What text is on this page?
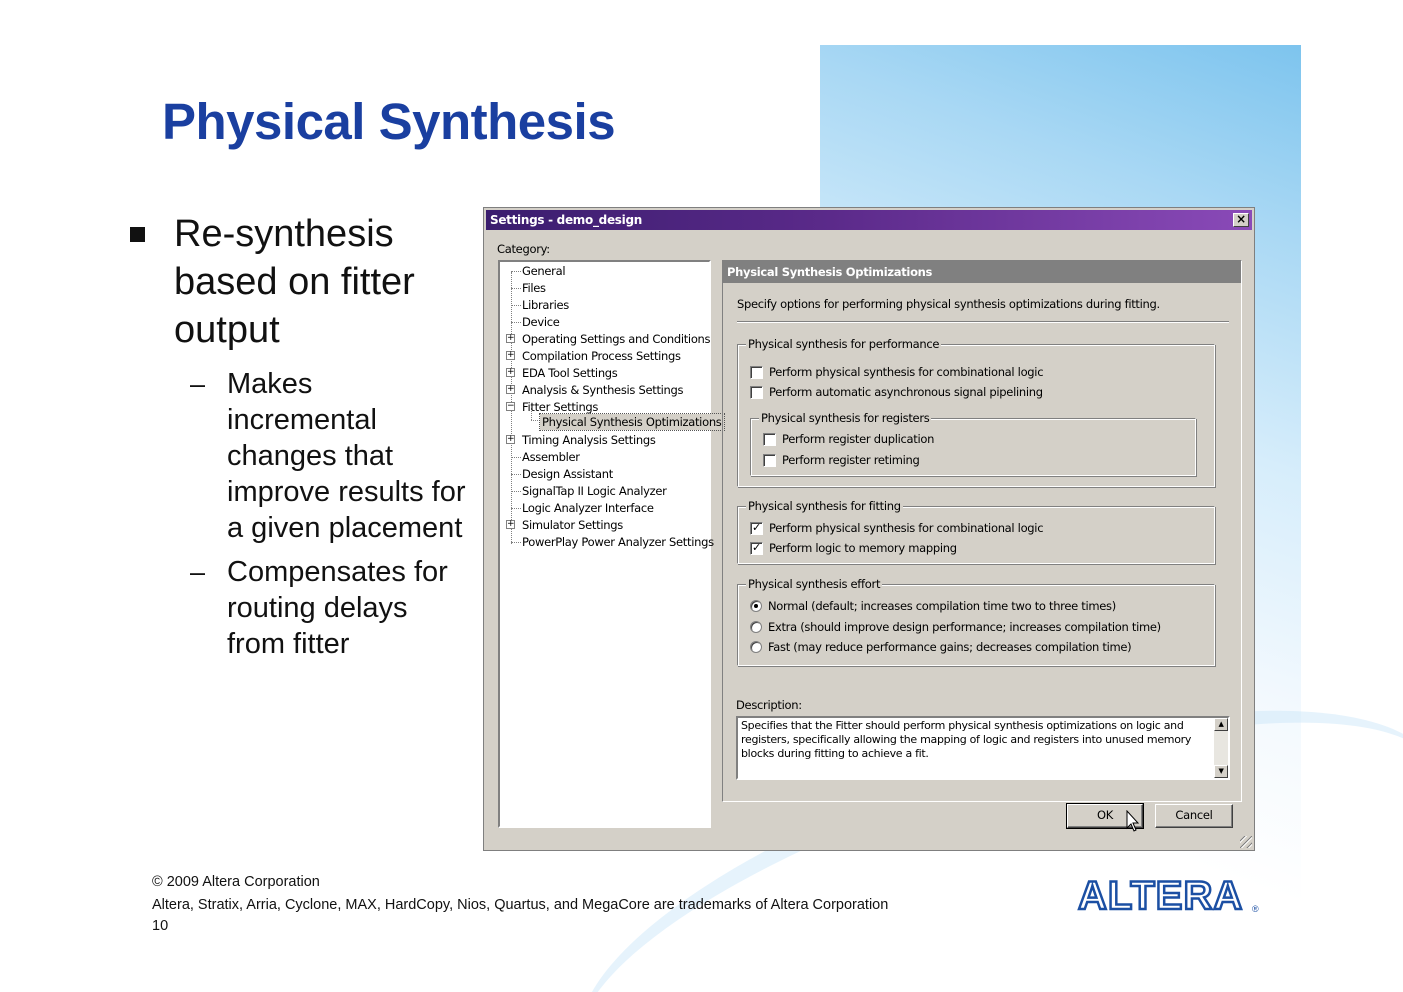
Physical Synthesis
Re-synthesis based on fitter output
– Makes incremental changes that improve results for a given placement
– Compensates for routing delays from fitter
Settings - demo_design	×
Category:
General
Files
Libraries
Device
+ Operating Settings and Conditions
+ Compilation Process Settings
+ EDA Tool Settings
+ Analysis & Synthesis Settings
− Fitter Settings
Physical Synthesis Optimizations
+ Timing Analysis Settings
Assembler
Design Assistant
SignalTap II Logic Analyzer
Logic Analyzer Interface
+ Simulator Settings
PowerPlay Power Analyzer Settings
Physical Synthesis Optimizations
Specify options for performing physical synthesis optimizations during fitting.
Physical synthesis for performance
Perform physical synthesis for combinational logic
Perform automatic asynchronous signal pipelining
Physical synthesis for registers
Perform register duplication
Perform register retiming
Physical synthesis for fitting
✓ Perform physical synthesis for combinational logic
✓ Perform logic to memory mapping
Physical synthesis effort
Normal (default; increases compilation time two to three times)
Extra (should improve design performance; increases compilation time)
Fast (may reduce performance gains; decreases compilation time)
Description:
Specifies that the Fitter should perform physical synthesis optimizations on logic and registers, specifically allowing the mapping of logic and registers into unused memory blocks during fitting to achieve a fit.
▲
▼
OK	Cancel
© 2009 Altera Corporation
Altera, Stratix, Arria, Cyclone, MAX, HardCopy, Nios, Quartus, and MegaCore are trademarks of Altera Corporation
10
ALTERA ®
